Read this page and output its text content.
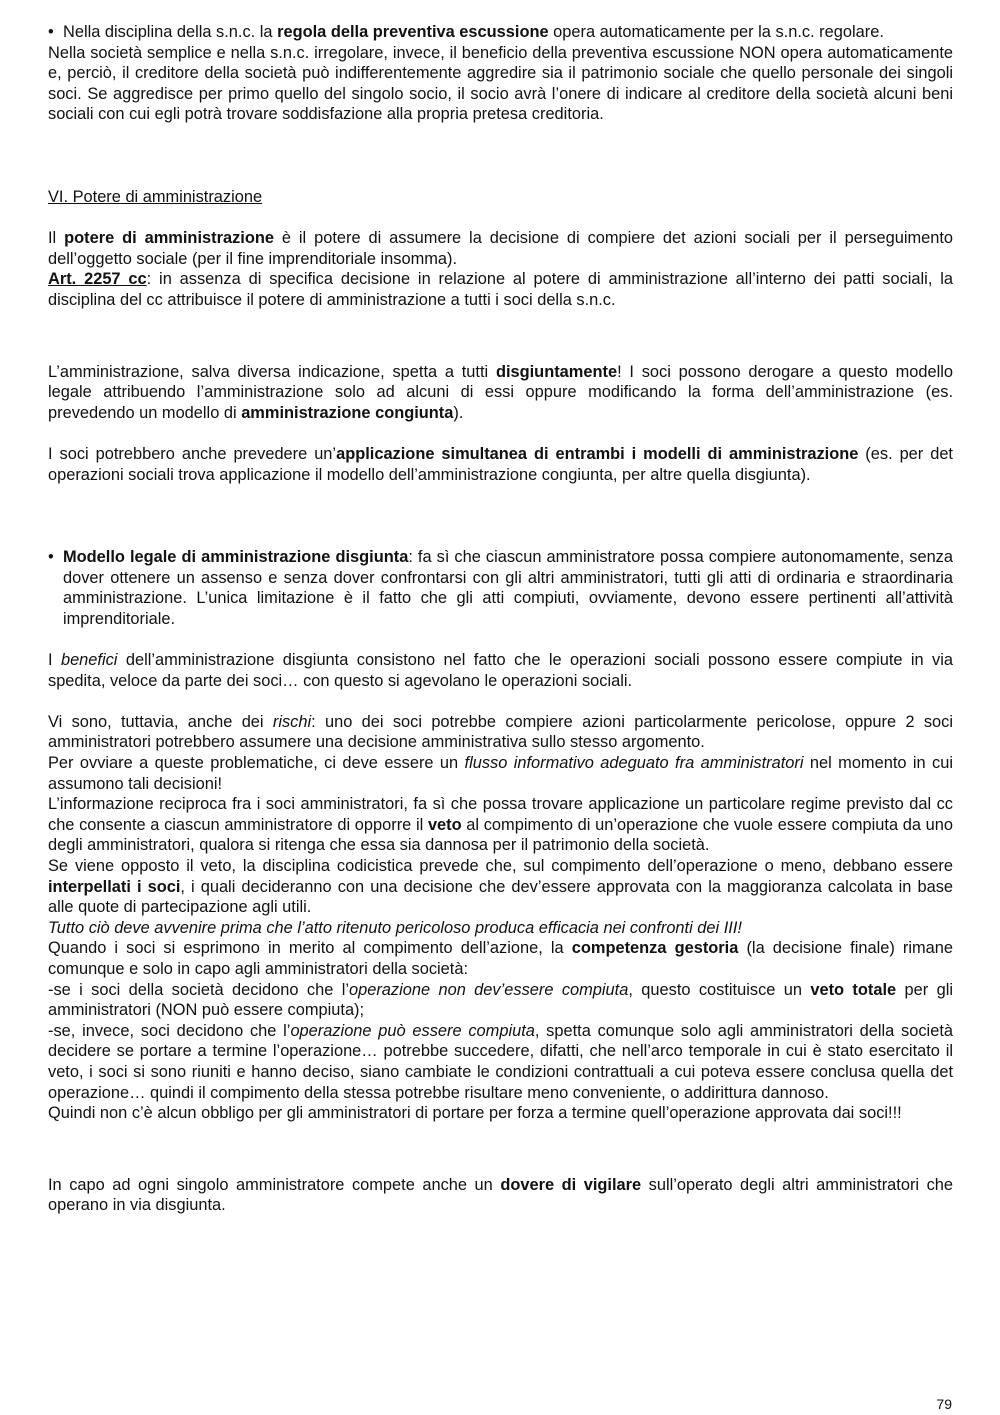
• Nella disciplina della s.n.c. la regola della preventiva escussione opera automaticamente per la s.n.c. regolare.

Nella società semplice e nella s.n.c. irregolare, invece, il beneficio della preventiva escussione NON opera automaticamente e, perciò, il creditore della società può indifferentemente aggredire sia il patrimonio sociale che quello personale dei singoli soci. Se aggredisce per primo quello del singolo socio, il socio avrà l’onere di indicare al creditore della società alcuni beni sociali con cui egli potrà trovare soddisfazione alla propria pretesa creditoria.

VI. Potere di amministrazione

Il potere di amministrazione è il potere di assumere la decisione di compiere det azioni sociali per il perseguimento dell’oggetto sociale (per il fine imprenditoriale insomma).

Art. 2257 cc: in assenza di specifica decisione in relazione al potere di amministrazione all’interno dei patti sociali, la disciplina del cc attribuisce il potere di amministrazione a tutti i soci della s.n.c.

L’amministrazione, salva diversa indicazione, spetta a tutti disgiuntamente! I soci possono derogare a questo modello legale attribuendo l’amministrazione solo ad alcuni di essi oppure modificando la forma dell’amministrazione (es. prevedendo un modello di amministrazione congiunta).

I soci potrebbero anche prevedere un’applicazione simultanea di entrambi i modelli di amministrazione (es. per det operazioni sociali trova applicazione il modello dell’amministrazione congiunta, per altre quella disgiunta).

• Modello legale di amministrazione disgiunta: fa sì che ciascun amministratore possa compiere autonomamente, senza dover ottenere un assenso e senza dover confrontarsi con gli altri amministratori, tutti gli atti di ordinaria e straordinaria amministrazione. L’unica limitazione è il fatto che gli atti compiuti, ovviamente, devono essere pertinenti all’attività imprenditoriale.

I benefici dell’amministrazione disgiunta consistono nel fatto che le operazioni sociali possono essere compiute in via spedita, veloce da parte dei soci… con questo si agevolano le operazioni sociali.

Vi sono, tuttavia, anche dei rischi: uno dei soci potrebbe compiere azioni particolarmente pericolose, oppure 2 soci amministratori potrebbero assumere una decisione amministrativa sullo stesso argomento.

Per ovviare a queste problematiche, ci deve essere un flusso informativo adeguato fra amministratori nel momento in cui assumono tali decisioni!

L’informazione reciproca fra i soci amministratori, fa sì che possa trovare applicazione un particolare regime previsto dal cc che consente a ciascun amministratore di opporre il veto al compimento di un’operazione che vuole essere compiuta da uno degli amministratori, qualora si ritenga che essa sia dannosa per il patrimonio della società.

Se viene opposto il veto, la disciplina codicistica prevede che, sul compimento dell’operazione o meno, debbano essere interpellati i soci, i quali decideranno con una decisione che dev’essere approvata con la maggioranza calcolata in base alle quote di partecipazione agli utili.

Tutto ciò deve avvenire prima che l’atto ritenuto pericoloso produca efficacia nei confronti dei III!

Quando i soci si esprimono in merito al compimento dell’azione, la competenza gestoria (la decisione finale) rimane comunque e solo in capo agli amministratori della società:

-se i soci della società decidono che l’operazione non dev’essere compiuta, questo costituisce un veto totale per gli amministratori (NON può essere compiuta);

-se, invece, soci decidono che l’operazione può essere compiuta, spetta comunque solo agli amministratori della società decidere se portare a termine l’operazione… potrebbe succedere, difatti, che nell’arco temporale in cui è stato esercitato il veto, i soci si sono riuniti e hanno deciso, siano cambiate le condizioni contrattuali a cui poteva essere conclusa quella det operazione… quindi il compimento della stessa potrebbe risultare meno conveniente, o addirittura dannoso.

Quindi non c’è alcun obbligo per gli amministratori di portare per forza a termine quell’operazione approvata dai soci!!!

In capo ad ogni singolo amministratore compete anche un dovere di vigilare sull’operato degli altri amministratori che operano in via disgiunta.

79
